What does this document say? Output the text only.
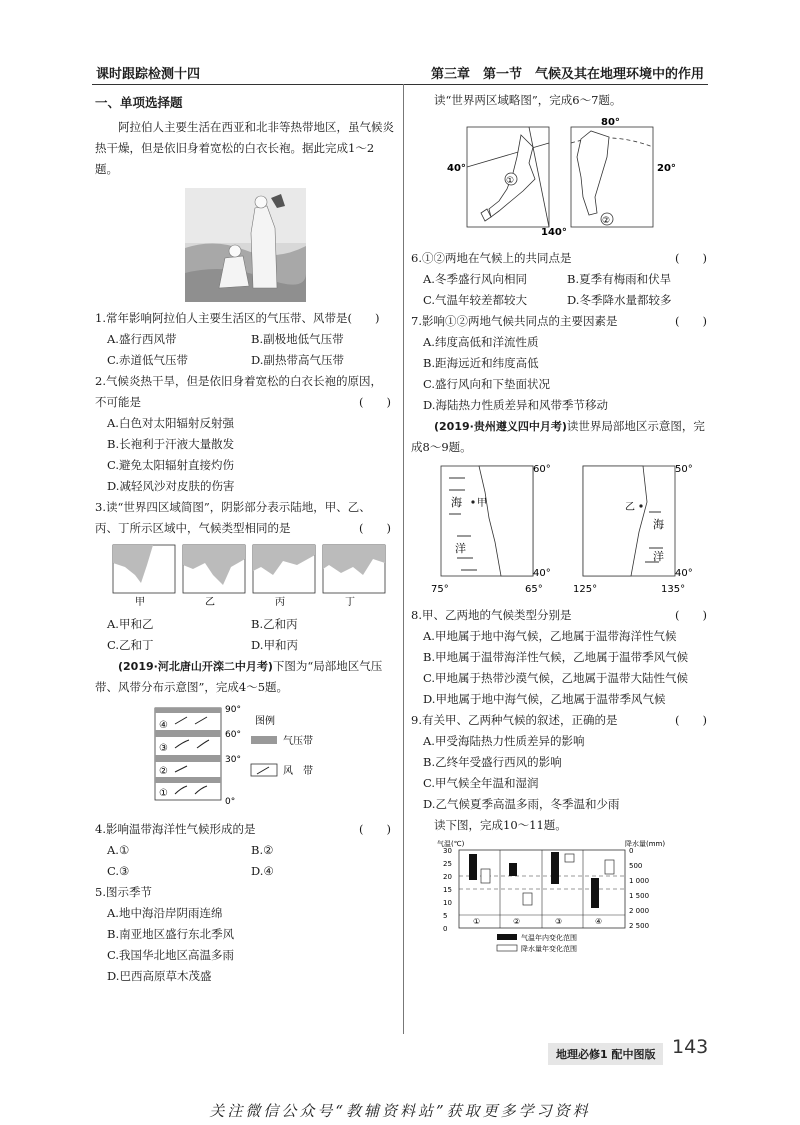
课时跟踪检测十四	第三章　第一节　气候及其在地理环境中的作用
一、单项选择题

阿拉伯人主要生活在西亚和北非等热带地区，虽气候炎热干燥，但是依旧身着宽松的白衣长袍。据此完成1～2题。

1.常年影响阿拉伯人主要生活区的气压带、风带是(　　)

A.盛行西风带	B.副极地低气压带
C.赤道低气压带	D.副热带高气压带

2.气候炎热干旱，但是依旧身着宽松的白衣长袍的原因，不可能是	(　　)

A.白色对太阳辐射反射强
B.长袍利于汗液大量散发
C.避免太阳辐射直接灼伤
D.减轻风沙对皮肤的伤害

3.读“世界四区域简图”，阴影部分表示陆地，甲、乙、丙、丁所示区域中，气候类型相同的是	(　　)

甲	乙	丙	丁
A.甲和乙	B.乙和丙
C.乙和丁	D.甲和丙

(2019·河北唐山开滦二中月考)下图为“局部地区气压带、风带分布示意图”，完成4～5题。

④
③
②
①
90°
60°
30°
0°
图例
气压带
风　带

4.影响温带海洋性气候形成的是	(　　)

A.①	B.②
C.③	D.④

5.图示季节

A.地中海沿岸阴雨连绵
B.南亚地区盛行东北季风
C.我国华北地区高温多雨
D.巴西高原草木茂盛

读“世界两区域略图”，完成6～7题。

40°
140°
①
80°
20°
②

6.①②两地在气候上的共同点是	(　　)

A.冬季盛行风向相同	B.夏季有梅雨和伏旱
C.气温年较差都较大	D.冬季降水量都较多

7.影响①②两地气候共同点的主要因素是	(　　)

A.纬度高低和洋流性质
B.距海远近和纬度高低
C.盛行风向和下垫面状况
D.海陆热力性质差异和风带季节移动

(2019·贵州遵义四中月考)读世界局部地区示意图，完成8～9题。

60°
海 甲
洋
40°
75°	65°
50°
乙
海
洋
40°
125°	135°

8.甲、乙两地的气候类型分别是	(　　)

A.甲地属于地中海气候，乙地属于温带海洋性气候
B.甲地属于温带海洋性气候，乙地属于温带季风气候
C.甲地属于热带沙漠气候，乙地属于温带大陆性气候
D.甲地属于地中海气候，乙地属于温带季风气候

9.有关甲、乙两种气候的叙述，正确的是	(　　)

A.甲受海陆热力性质差异的影响
B.乙终年受盛行西风的影响
C.甲气候全年温和湿润
D.乙气候夏季高温多雨，冬季温和少雨

读下图，完成10～11题。

气温(℃)	降水量(mm)
30
25
20
15
10
5
0
0
500
1 000
1 500
2 000
2 500
①	②	③	④
气温年内变化范围
降水量年变化范围
地理必修1 配中图版 143
关注微信公众号“教辅资料站”获取更多学习资料
